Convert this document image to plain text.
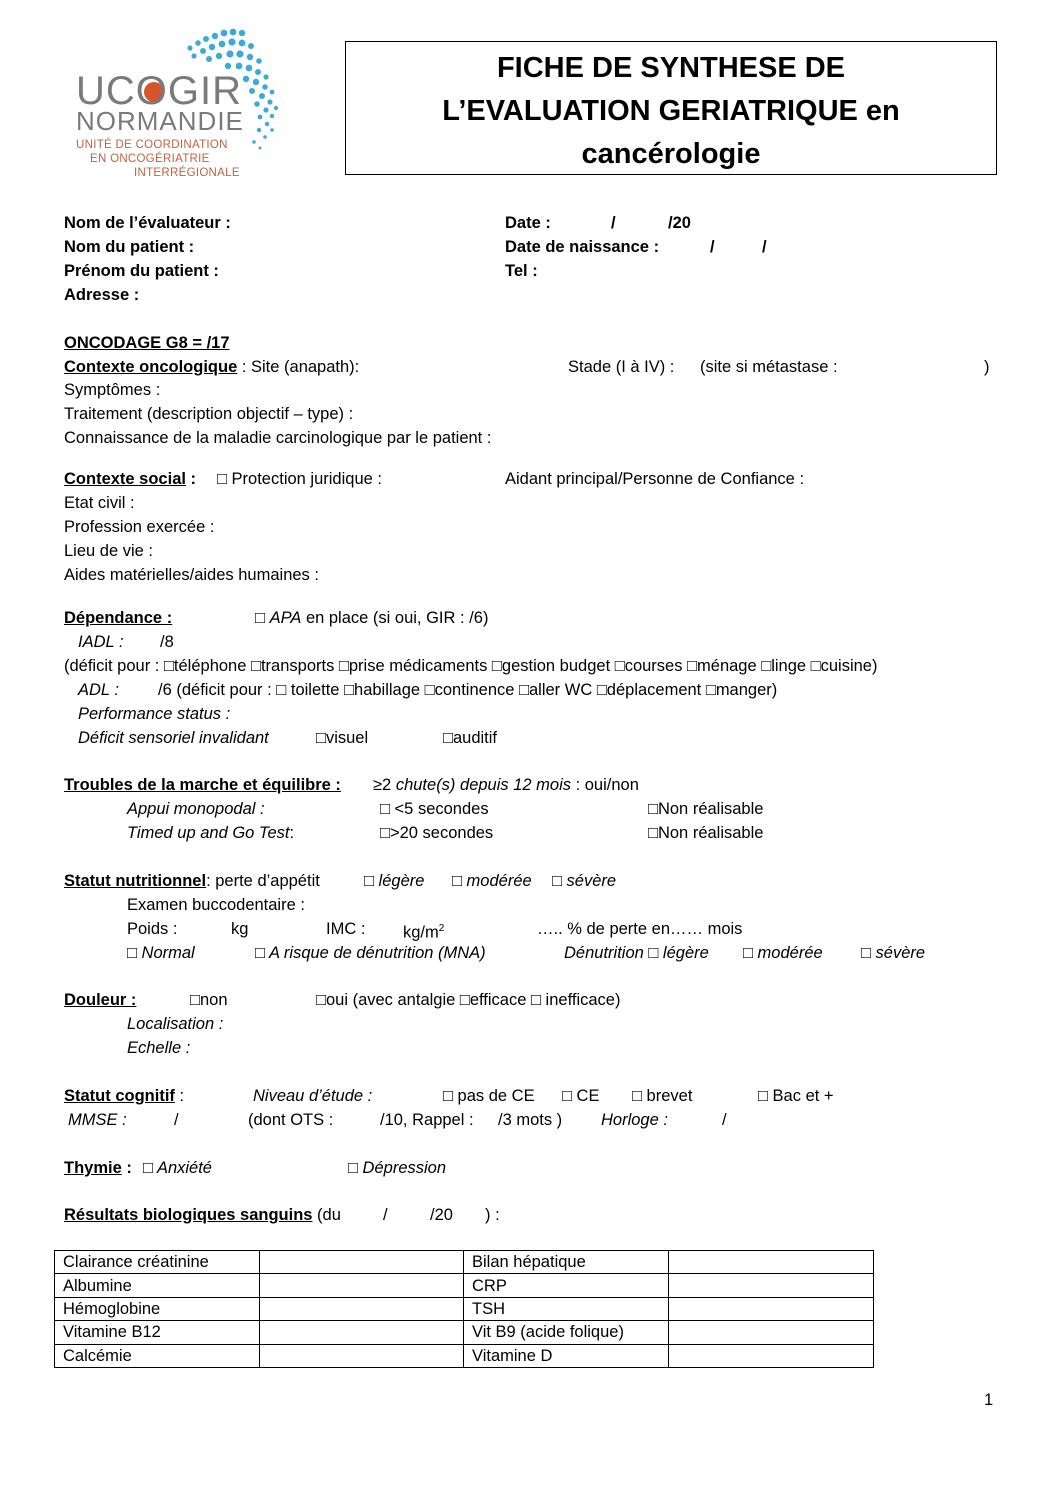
UCOGIR
NORMANDIE
UNITÉ DE COORDINATION
EN ONCOGÉRIATRIE
INTERRÉGIONALE
FICHE DE SYNTHESE DE
L’EVALUATION GERIATRIQUE en
cancérologie
Nom de l’évaluateur :
Nom du patient :
Prénom du patient :
Adresse :
Date :	/	/20
Date de naissance :	/	/
Tel :
ONCODAGE G8 = /17
Contexte oncologique : Site (anapath):	Stade (I à IV) : (site si métastase :	)
Symptômes :
Traitement (description objectif – type) :
Connaissance de la maladie carcinologique par le patient :
Contexte social : □ Protection juridique :	Aidant principal/Personne de Confiance :
Etat civil :
Profession exercée :
Lieu de vie :
Aides matérielles/aides humaines :
Dépendance :	□ APA en place (si oui, GIR : /6)
IADL : /8
(déficit pour : □téléphone □transports □prise médicaments □gestion budget □courses □ménage □linge □cuisine)
ADL : /6 (déficit pour : □ toilette □habillage □continence □aller WC □déplacement □manger)
Performance status :
Déficit sensoriel invalidant	□visuel	□auditif
Troubles de la marche et équilibre : ≥2 chute(s) depuis 12 mois : oui/non
Appui monopodal :	□ <5 secondes	□Non réalisable
Timed up and Go Test:	□>20 secondes	□Non réalisable
Statut nutritionnel: perte d’appétit	□ légère □ modérée □ sévère
Examen buccodentaire :
Poids :	kg	IMC : $kg/m^2$	….. % de perte en…… mois
□ Normal	□ A risque de dénutrition (MNA)	Dénutrition □ légère □ modérée □ sévère
Douleur :	□non	□oui (avec antalgie □efficace □ inefficace)
Localisation :
Echelle :
Statut cognitif :	Niveau d’étude :	□ pas de CE □ CE □ brevet	□ Bac et +
MMSE :	/	(dont OTS :	/10, Rappel : /3 mots ) Horloge :	/
Thymie : □ Anxiété	□ Dépression
Résultats biologiques sanguins (du	/	/20 ) :
Clairance créatinine		Bilan hépatique	
Albumine		CRP	
Hémoglobine		TSH	
Vitamine B12		Vit B9 (acide folique)	
Calcémie		Vitamine D	
1
